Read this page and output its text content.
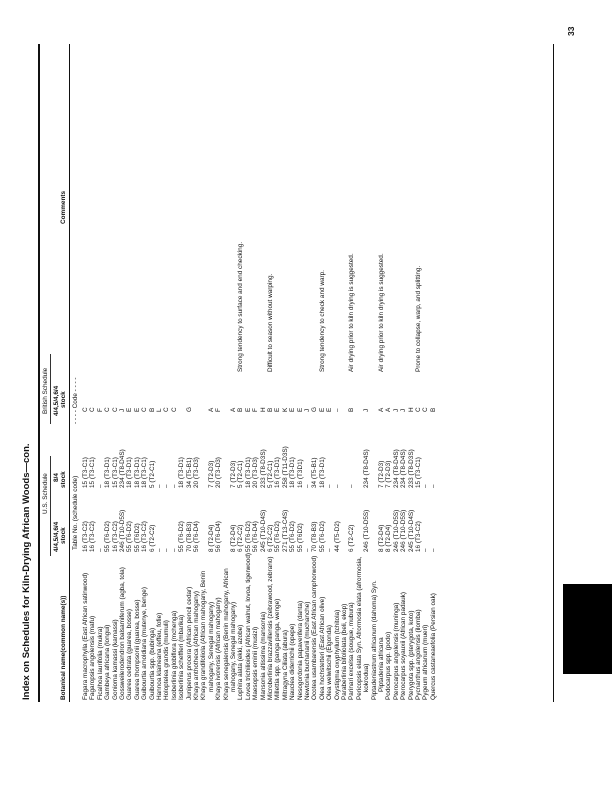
Index on Schedules for Kiln-Drying African Woods—con. U.S. Schedule
British Schedule
Botanical name(common name(s))
4/4,5/4,6/4 stock
8/4 stock
4/4,5/4,6/4 stock
Comments
Table No. (schedule code)
- - - - Code - - - -
Fagara macrophylla (East African satinwood)
16 (T3-C2)
15 (T3-C1)
C
Fagaropsis angolensis (mafu)
16 (T3-C2)
15 (T3-C1)
C
Ficalhoa laurifolia (mukra)
–
–
F
Gambeya africana (longui)
55 (T6-D2)
18 (T3-D1)
C
Gonioma kamassi (kamassi)
16 (T3-C2)
15 (T3-C1)
C
Gossweilerodendron balsamiferum (agba, tola)
246 (T10-D5S)
234 (T8-D4S)
J
Guarea cedrata (guarea, bosse)
55 (T6-D2)
18 (T3-D1)
E
Guarea thompsonii (guarea, bosse)
55 (T6D2)
18 (T3-D1)
E
Guibourtia arnoldiana (mutenye, benge)
16 (T3-C2)
18 (T3-C1)
C
Guibourtia spp. (bubinga)
6 (T2-C2)
5 (T2-C1)
B
Hannoa klaineana (effeu, fofie)
–
–
L
Holoptelea grandis (mumuli)
–
–
C
Isoberlinia globiflora (mchenga)
–
–
C
Isoberlinia scheffleri (mbarika)
55 (T6-D2)
18 (T3-D1)
Juniperus procera (African pencil cedar)
70 (T8-B3)
34 (T5-B1)
G
Khaya anthotheca (African mahogany)
56 (T6-D4)
20 (T3-D3)
Khaya grandifoliola (African mahogany, Benin mahogany, Senegal mahogany)
8 (T2-D4)
7 (T2-D3)
A
Khaya ivorensis (African mahogany)
56 (T6-D4)
20 (T3-D3)
F
Khaya senegalensis (Benin mahogany, African mahogany, Senegal mahogany)
8 (T2-D4)
7 (T2-D3)
A
Lophira alata (ekki, azobe)
6 (T2-C2)
5 (T2-C1)
B
Strong tendency to surface and end checking.
Lovoa trichilioides (African walnut, lovoa, tigerwood)
55 (T6-D2)
18 (T3-D1)
E
Maesopsis eminii (musizi)
56 (T6-D4)
20 (T3-D3)
F
Mansonia altissima (mansonia)
245 (T10-D4S)
233 (T8-D3S)
H
Microberlinia brazzavillensis (zebrawood, zebrano)
6 (T2-C2)
5 (T2-C1)
B
Difficult to season without warping.
Millettia spp. (panga panga, wenge)
55 (T6-D2)
16 (T3-D1)
E
Mitragyna Ciliata (abura)
271 (T13-C4S)
258 (T11-D3S)
K
Nauclea diderrichii (opepe)
55 (T6-D2)
18 (T3-D1)
E
Nesogordonia papaverifera (danta)
55 (T6D2)
16 (T3D1)
E
Newtonia buchananii (muchanche)
–
–
J
Ocotea usambarensis (East African camphorwood)
70 (T8-B3)
34 (T5-B1)
G
Olea hochstetteri (East African olive)
55 (T6-D2)
18 (T3-D1)
E
Strong tendency to check and warp.
Olea welwitschii (Elgonda)
–
–
E
Oxystigma oxyphyllum (tchitola)
44 (T5-D2)
–
–
Paraberlinia bifoliolata (beli, ekop) Parinari excelsa (sougue, mubura)
6 (T2-C2)
–
B
Air drying prior to kiln drying is suggested.
Pericopsis elata Syn. Afrormosia elata (afrormosia, kokrodua)
246 (T10-D5S)
234 (T8-D4S)
J
Piptadeniastrum africanum (dahoma) Syn. Piptadenia africana
8 (T2-D4)
7 (T2-D3)
A
Air drying prior to kiln drying is suggested.
Podocarpus spp. (podo)
8 (T2-D4)
7 (T2-D3)
A
Pterocarpus angolensis (muninga)
246 (T10-D5S)
234 (T8-D4S)
J
Pterocarpus soyauxii (African padauk)
246 (T10-D5S)
234 (T8-D4S)
J
Pterygota spp. (pterygota, koto)
245 (T10-D4S)
233 (T8-D3S)
H
Pycnanthus angolensis (ilomba)
16 (T3-C2)
15 (T3-C1)
C
Prone to collapse, warp, and splitting.
Pygeum africanum (mueri)
–
–
C
Quercus castaneaefolia (Persian oak)
–
–
B
33
